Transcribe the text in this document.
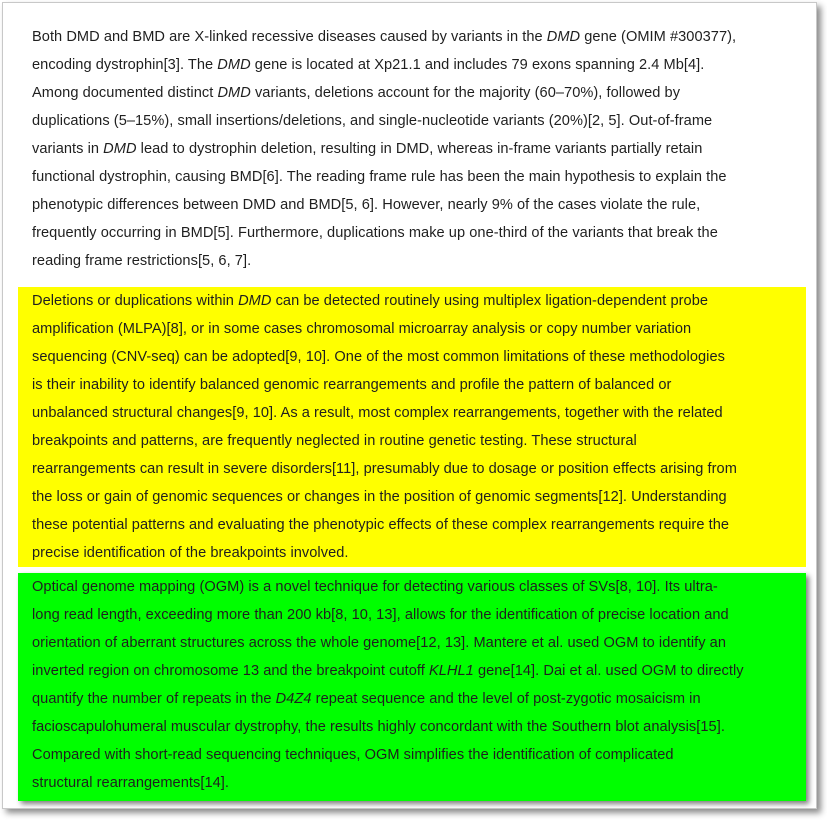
Both DMD and BMD are X-linked recessive diseases caused by variants in the DMD gene (OMIM #300377),
encoding dystrophin[3]. The DMD gene is located at Xp21.1 and includes 79 exons spanning 2.4 Mb[4].
Among documented distinct DMD variants, deletions account for the majority (60–70%), followed by
duplications (5–15%), small insertions/deletions, and single-nucleotide variants (20%)[2, 5]. Out-of-frame
variants in DMD lead to dystrophin deletion, resulting in DMD, whereas in-frame variants partially retain
functional dystrophin, causing BMD[6]. The reading frame rule has been the main hypothesis to explain the
phenotypic differences between DMD and BMD[5, 6]. However, nearly 9% of the cases violate the rule,
frequently occurring in BMD[5]. Furthermore, duplications make up one-third of the variants that break the
reading frame restrictions[5, 6, 7].
Deletions or duplications within DMD can be detected routinely using multiplex ligation-dependent probe
amplification (MLPA)[8], or in some cases chromosomal microarray analysis or copy number variation
sequencing (CNV-seq) can be adopted[9, 10]. One of the most common limitations of these methodologies
is their inability to identify balanced genomic rearrangements and profile the pattern of balanced or
unbalanced structural changes[9, 10]. As a result, most complex rearrangements, together with the related
breakpoints and patterns, are frequently neglected in routine genetic testing. These structural
rearrangements can result in severe disorders[11], presumably due to dosage or position effects arising from
the loss or gain of genomic sequences or changes in the position of genomic segments[12]. Understanding
these potential patterns and evaluating the phenotypic effects of these complex rearrangements require the
precise identification of the breakpoints involved.
Optical genome mapping (OGM) is a novel technique for detecting various classes of SVs[8, 10]. Its ultra-
long read length, exceeding more than 200 kb[8, 10, 13], allows for the identification of precise location and
orientation of aberrant structures across the whole genome[12, 13]. Mantere et al. used OGM to identify an
inverted region on chromosome 13 and the breakpoint cutoff KLHL1 gene[14]. Dai et al. used OGM to directly
quantify the number of repeats in the D4Z4 repeat sequence and the level of post-zygotic mosaicism in
facioscapulohumeral muscular dystrophy, the results highly concordant with the Southern blot analysis[15].
Compared with short-read sequencing techniques, OGM simplifies the identification of complicated
structural rearrangements[14].
